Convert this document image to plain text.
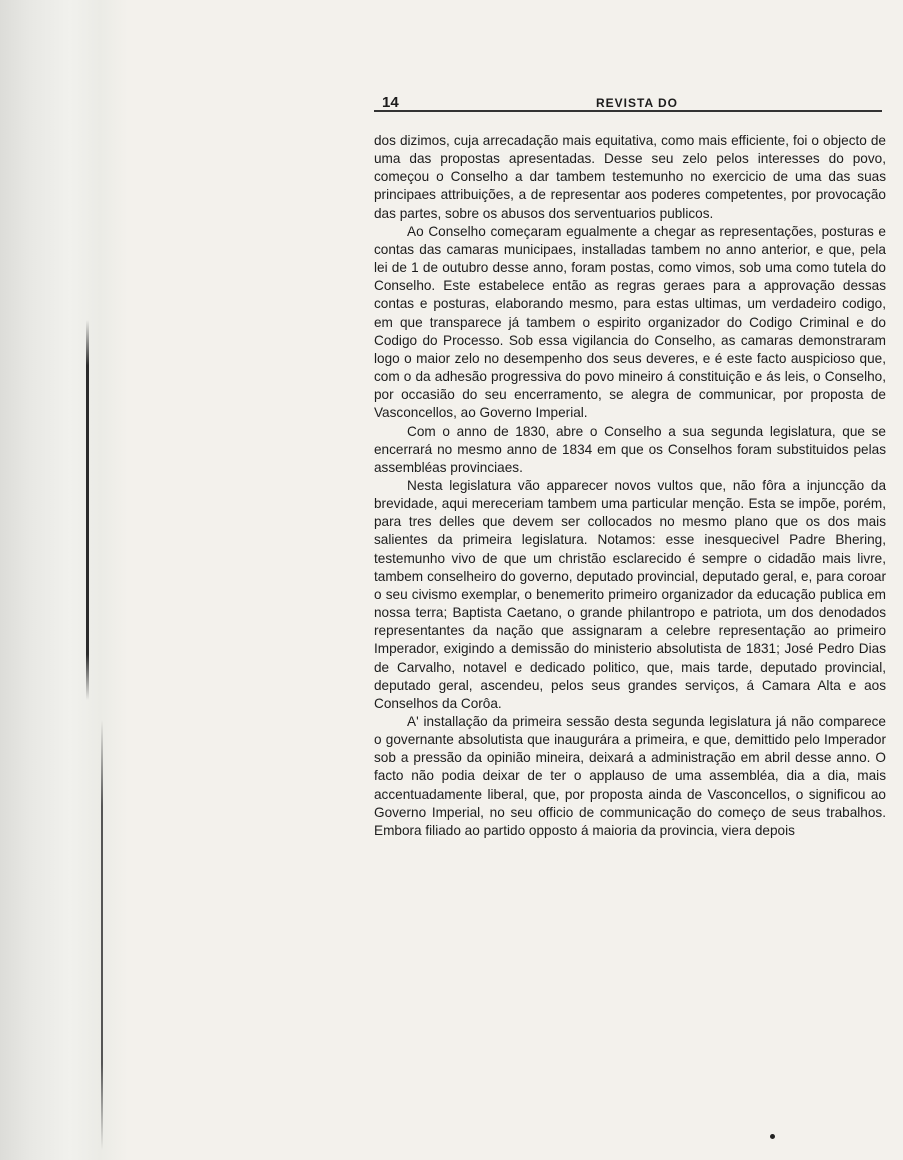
14	REVISTA DO

dos dizimos, cuja arrecadação mais equitativa, como mais efficiente, foi o objecto de uma das propostas apresentadas. Desse seu zelo pelos interesses do povo, começou o Conselho a dar tambem testemunho no exercicio de uma das suas principaes attribuições, a de representar aos poderes competentes, por provocação das partes, sobre os abusos dos serventuarios publicos.

Ao Conselho começaram egualmente a chegar as representações, posturas e contas das camaras municipaes, installadas tambem no anno anterior, e que, pela lei de 1 de outubro desse anno, foram postas, como vimos, sob uma como tutela do Conselho. Este estabelece então as regras geraes para a approvação dessas contas e posturas, elaborando mesmo, para estas ultimas, um verdadeiro codigo, em que transparece já tambem o espirito organizador do Codigo Criminal e do Codigo do Processo. Sob essa vigilancia do Conselho, as camaras demonstraram logo o maior zelo no desempenho dos seus deveres, e é este facto auspicioso que, com o da adhesão progressiva do povo mineiro á constituição e ás leis, o Conselho, por occasião do seu encerramento, se alegra de communicar, por proposta de Vasconcellos, ao Governo Imperial.

Com o anno de 1830, abre o Conselho a sua segunda legislatura, que se encerrará no mesmo anno de 1834 em que os Conselhos foram substituidos pelas assembléas provinciaes.

Nesta legislatura vão apparecer novos vultos que, não fôra a injuncção da brevidade, aqui mereceriam tambem uma particular menção. Esta se impõe, porém, para tres delles que devem ser collocados no mesmo plano que os dos mais salientes da primeira legislatura. Notamos: esse inesquecivel Padre Bhering, testemunho vivo de que um christão esclarecido é sempre o cidadão mais livre, tambem conselheiro do governo, deputado provincial, deputado geral, e, para coroar o seu civismo exemplar, o benemerito primeiro organizador da educação publica em nossa terra; Baptista Caetano, o grande philantropo e patriota, um dos denodados representantes da nação que assignaram a celebre representação ao primeiro Imperador, exigindo a demissão do ministerio absolutista de 1831; José Pedro Dias de Carvalho, notavel e dedicado politico, que, mais tarde, deputado provincial, deputado geral, ascendeu, pelos seus grandes serviços, á Camara Alta e aos Conselhos da Corôa.

A' installação da primeira sessão desta segunda legislatura já não comparece o governante absolutista que inaugurára a primeira, e que, demittido pelo Imperador sob a pressão da opinião mineira, deixará a administração em abril desse anno. O facto não podia deixar de ter o applauso de uma assembléa, dia a dia, mais accentuadamente liberal, que, por proposta ainda de Vasconcellos, o significou ao Governo Imperial, no seu officio de communicação do começo de seus trabalhos. Embora filiado ao partido opposto á maioria da provincia, viera depois
